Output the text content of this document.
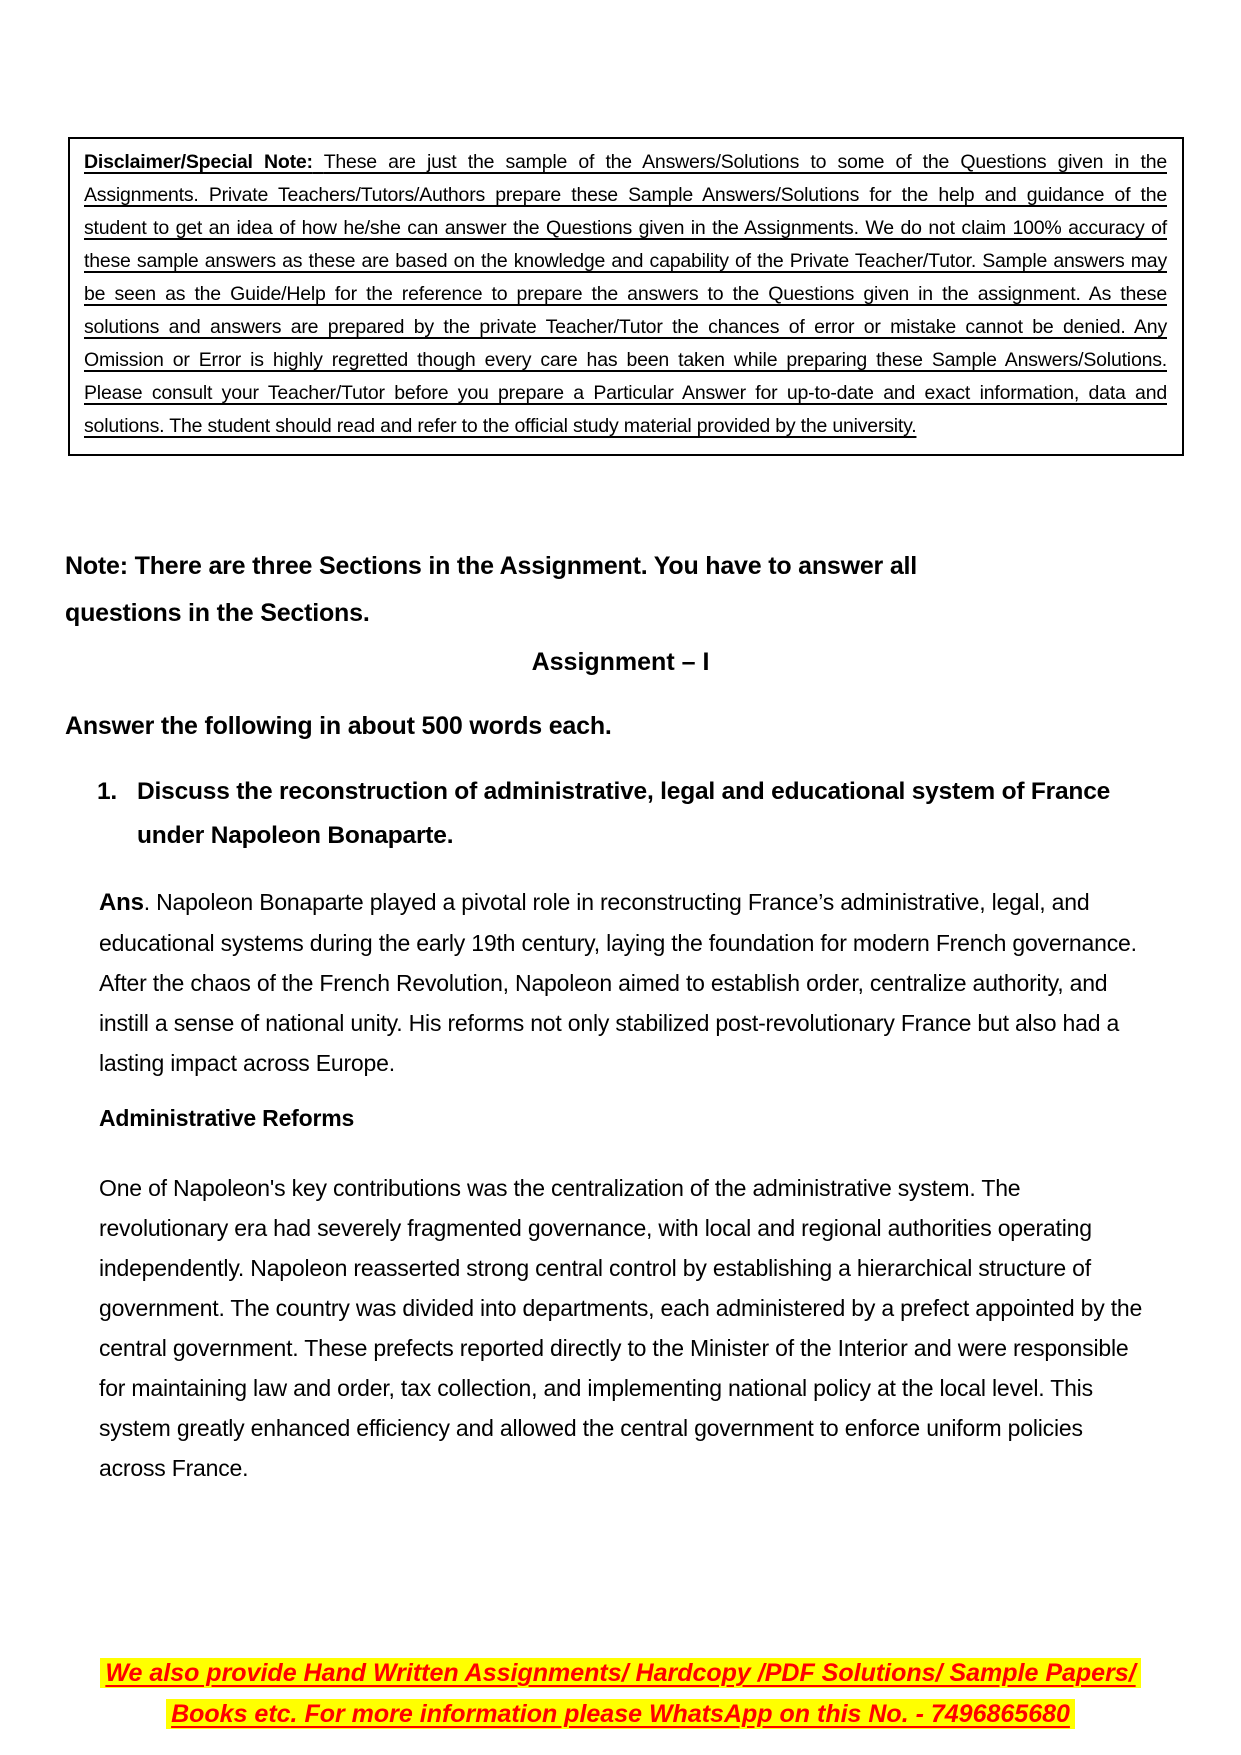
Disclaimer/Special Note: These are just the sample of the Answers/Solutions to some of the Questions given in the Assignments. Private Teachers/Tutors/Authors prepare these Sample Answers/Solutions for the help and guidance of the student to get an idea of how he/she can answer the Questions given in the Assignments. We do not claim 100% accuracy of these sample answers as these are based on the knowledge and capability of the Private Teacher/Tutor. Sample answers may be seen as the Guide/Help for the reference to prepare the answers to the Questions given in the assignment. As these solutions and answers are prepared by the private Teacher/Tutor the chances of error or mistake cannot be denied. Any Omission or Error is highly regretted though every care has been taken while preparing these Sample Answers/Solutions. Please consult your Teacher/Tutor before you prepare a Particular Answer for up-to-date and exact information, data and solutions. The student should read and refer to the official study material provided by the university.

Note: There are three Sections in the Assignment. You have to answer all questions in the Sections.

Assignment – I

Answer the following in about 500 words each.

1. Discuss the reconstruction of administrative, legal and educational system of France under Napoleon Bonaparte.

Ans. Napoleon Bonaparte played a pivotal role in reconstructing France’s administrative, legal, and educational systems during the early 19th century, laying the foundation for modern French governance. After the chaos of the French Revolution, Napoleon aimed to establish order, centralize authority, and instill a sense of national unity. His reforms not only stabilized post-revolutionary France but also had a lasting impact across Europe.

Administrative Reforms

One of Napoleon's key contributions was the centralization of the administrative system. The revolutionary era had severely fragmented governance, with local and regional authorities operating independently. Napoleon reasserted strong central control by establishing a hierarchical structure of government. The country was divided into departments, each administered by a prefect appointed by the central government. These prefects reported directly to the Minister of the Interior and were responsible for maintaining law and order, tax collection, and implementing national policy at the local level. This system greatly enhanced efficiency and allowed the central government to enforce uniform policies across France.

We also provide Hand Written Assignments/ Hardcopy /PDF Solutions/ Sample Papers/

Books etc. For more information please WhatsApp on this No. - 7496865680
